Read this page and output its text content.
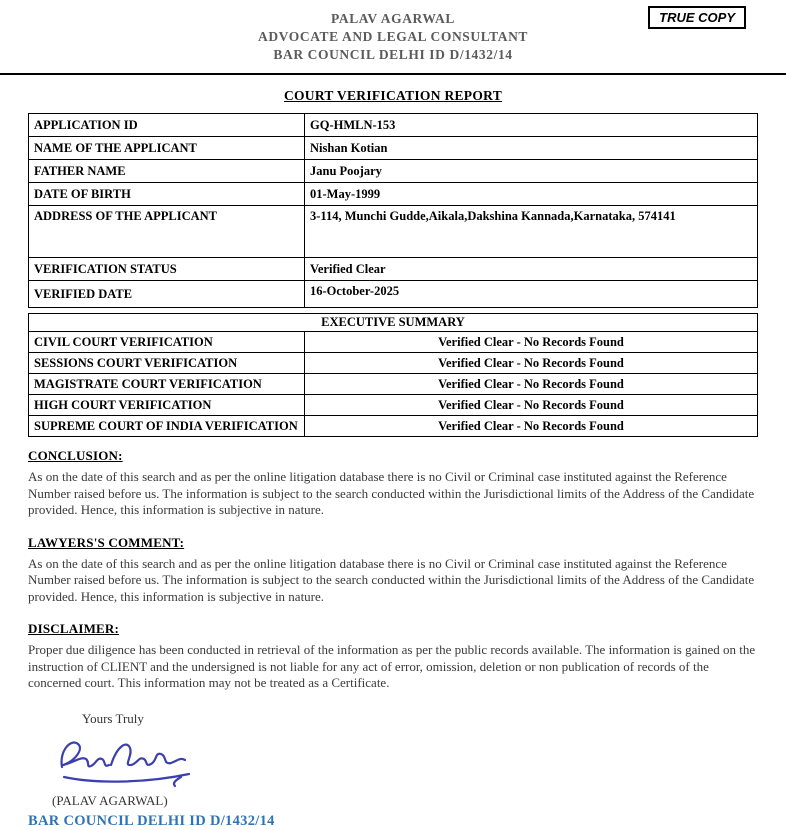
TRUE COPY
PALAV AGARWAL
ADVOCATE AND LEGAL CONSULTANT
BAR COUNCIL DELHI ID D/1432/14
COURT VERIFICATION REPORT
APPLICATION ID	GQ-HMLN-153
NAME OF THE APPLICANT	Nishan Kotian
FATHER NAME	Janu Poojary
DATE OF BIRTH	01-May-1999
ADDRESS OF THE APPLICANT	3-114, Munchi Gudde,Aikala,Dakshina Kannada,Karnataka, 574141
VERIFICATION STATUS	Verified Clear
VERIFIED DATE	16-October-2025
EXECUTIVE SUMMARY	
CIVIL COURT VERIFICATION	Verified Clear - No Records Found
SESSIONS COURT VERIFICATION	Verified Clear - No Records Found
MAGISTRATE COURT VERIFICATION	Verified Clear - No Records Found
HIGH COURT VERIFICATION	Verified Clear - No Records Found
SUPREME COURT OF INDIA VERIFICATION	Verified Clear - No Records Found
CONCLUSION:
As on the date of this search and as per the online litigation database there is no Civil or Criminal case instituted against the Reference Number raised before us. The information is subject to the search conducted within the Jurisdictional limits of the Address of the Candidate provided. Hence, this information is subjective in nature.
LAWYERS'S COMMENT:
As on the date of this search and as per the online litigation database there is no Civil or Criminal case instituted against the Reference Number raised before us. The information is subject to the search conducted within the Jurisdictional limits of the Address of the Candidate provided. Hence, this information is subjective in nature.
DISCLAIMER:
Proper due diligence has been conducted in retrieval of the information as per the public records available. The information is gained on the instruction of CLIENT and the undersigned is not liable for any act of error, omission, deletion or non publication of records of the concerned court. This information may not be treated as a Certificate.
Yours Truly
(PALAV AGARWAL)
BAR COUNCIL DELHI ID D/1432/14
